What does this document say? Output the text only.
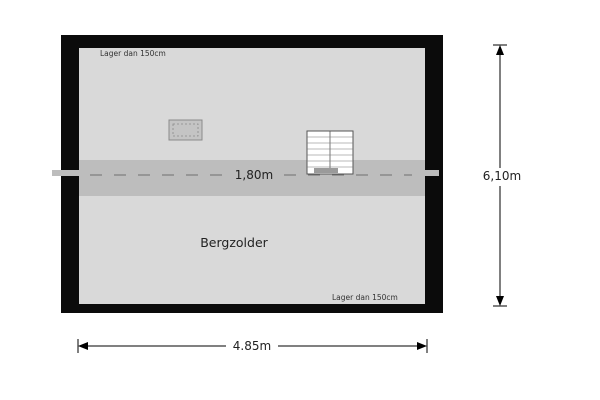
Lager dan 150cm
1,80m
Bergzolder
Lager dan 150cm
6,10m
4.85m
